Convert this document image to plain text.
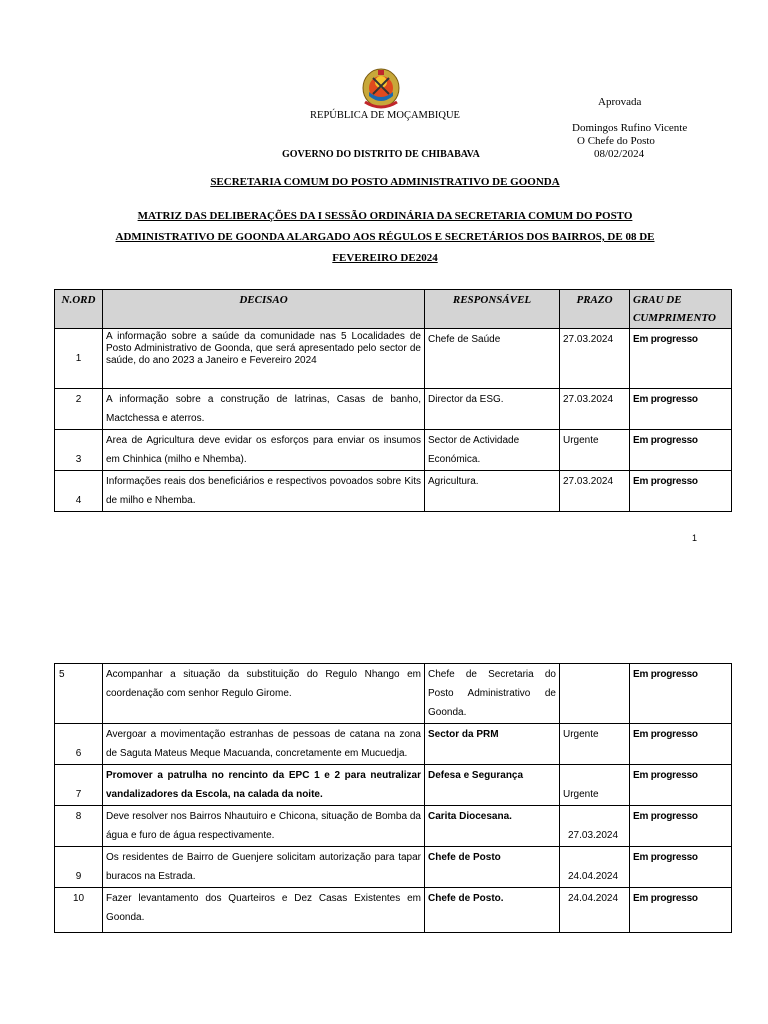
REPÚBLICA DE MOÇAMBIQUE
Aprovada
Domingos Rufino Vicente
O Chefe do Posto
08/02/2024
GOVERNO DO DISTRITO DE CHIBABAVA
SECRETARIA COMUM DO POSTO ADMINISTRATIVO DE GOONDA
MATRIZ DAS DELIBERAÇÕES DA I SESSÃO ORDINÁRIA DA SECRETARIA COMUM DO POSTO ADMINISTRATIVO DE GOONDA ALARGADO AOS RÉGULOS E SECRETÁRIOS DOS BAIRROS, DE 08 DE FEVEREIRO DE2024
N.ORD	DECISAO	RESPONSÁVEL	PRAZO	GRAU DE CUMPRIMENTO
1	A informação sobre a saúde da comunidade nas 5 Localidades de Posto Administrativo de Goonda, que será apresentado pelo sector de saúde, do ano 2023 a Janeiro e Fevereiro 2024	Chefe de Saúde	27.03.2024	Em progresso
2	A informação sobre a construção de latrinas, Casas de banho, Mactchessa e aterros.	Director da ESG.	27.03.2024	Em progresso
3	Area de Agricultura deve evidar os esforços para enviar os insumos em Chinhica (milho e Nhemba).	Sector de Actividade Económica.	Urgente	Em progresso
4	Informações reais dos beneficiários e respectivos povoados sobre Kits de milho e Nhemba.	Agricultura.	27.03.2024	Em progresso
1
5	Acompanhar a situação da substituição do Regulo Nhango em coordenação com senhor Regulo Girome.	Chefe de Secretaria do Posto Administrativo de Goonda.		Em progresso
6	Avergoar a movimentação estranhas de pessoas de catana na zona de Saguta Mateus Meque Macuanda, concretamente em Mucuedja.	Sector da PRM	Urgente	Em progresso
7	Promover a patrulha no rencinto da EPC 1 e 2 para neutralizar vandalizadores da Escola, na calada da noite.	Defesa e Segurança	Urgente	Em progresso
8	Deve resolver nos Bairros Nhautuiro e Chicona, situação de Bomba da água e furo de água respectivamente.	Carita Diocesana.	27.03.2024	Em progresso
9	Os residentes de Bairro de Guenjere solicitam autorização para tapar buracos na Estrada.	Chefe de Posto	24.04.2024	Em progresso
10	Fazer levantamento dos Quarteiros e Dez Casas Existentes em Goonda.	Chefe de Posto.	24.04.2024	Em progresso
